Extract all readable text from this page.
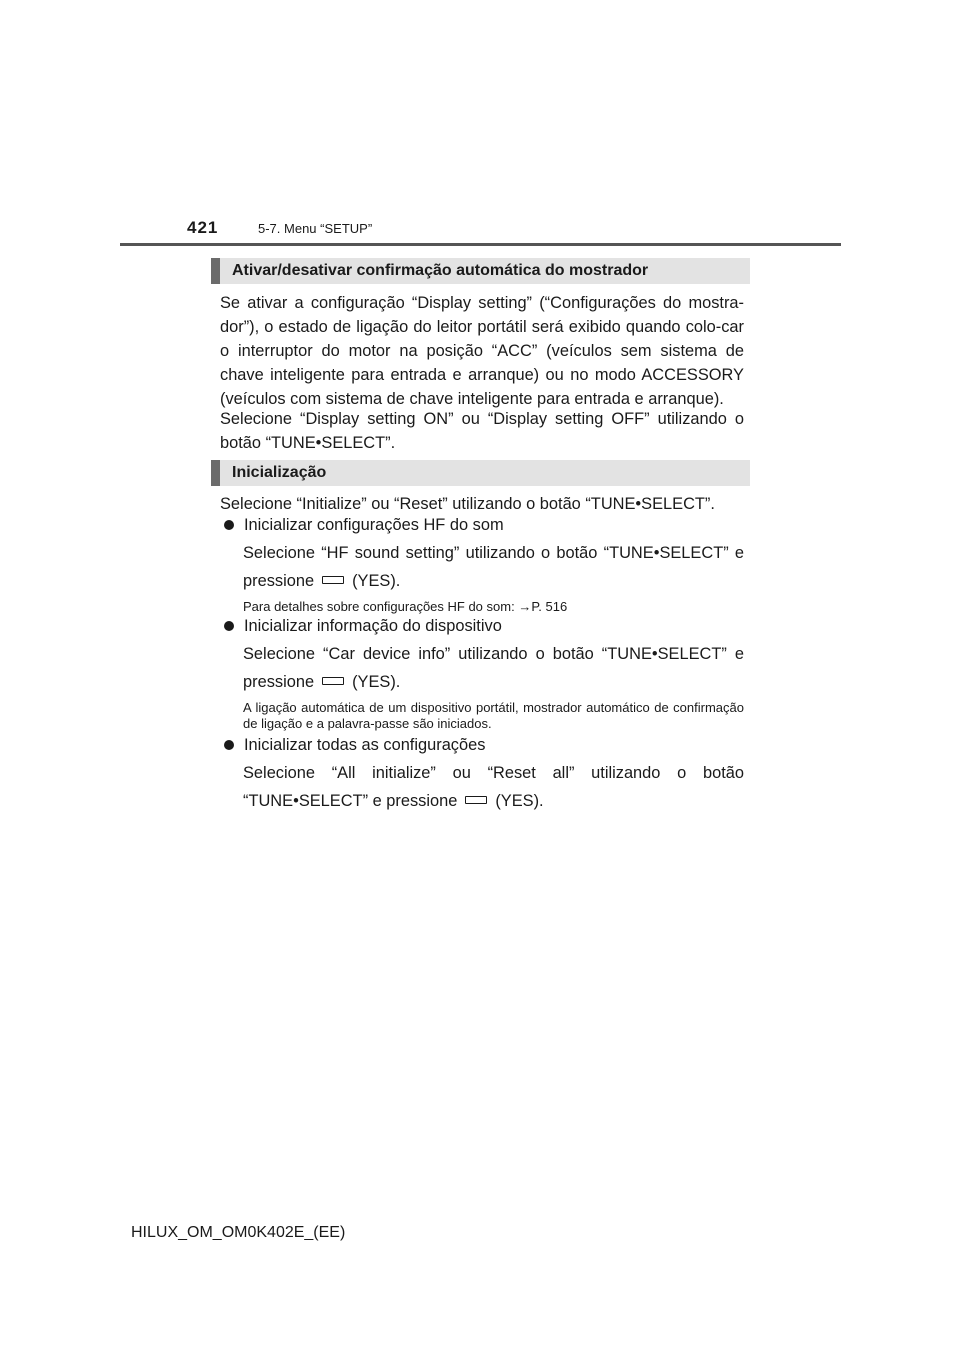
421	5-7. Menu “SETUP”
Ativar/desativar confirmação automática do mostrador

Se ativar a configuração “Display setting” (“Configurações do mostra-dor”), o estado de ligação do leitor portátil será exibido quando colo-car o interruptor do motor na posição “ACC” (veículos sem sistema de chave inteligente para entrada e arranque) ou no modo ACCESSORY (veículos com sistema de chave inteligente para entrada e arranque).

Selecione “Display setting ON” ou “Display setting OFF” utilizando o botão “TUNE•SELECT”.

Inicialização

Selecione “Initialize” ou “Reset” utilizando o botão “TUNE•SELECT”.

Inicializar configurações HF do som

Selecione “HF sound setting” utilizando o botão “TUNE•SELECT” e

pressione (YES).

Para detalhes sobre configurações HF do som: →P. 516

Inicializar informação do dispositivo

Selecione “Car device info” utilizando o botão “TUNE•SELECT” e

pressione (YES).

A ligação automática de um dispositivo portátil, mostrador automático de confirmação de ligação e a palavra-passe são iniciados.

Inicializar todas as configurações

Selecione “All initialize” ou “Reset all” utilizando o botão

“TUNE•SELECT” e pressione (YES).

HILUX_OM_OM0K402E_(EE)
